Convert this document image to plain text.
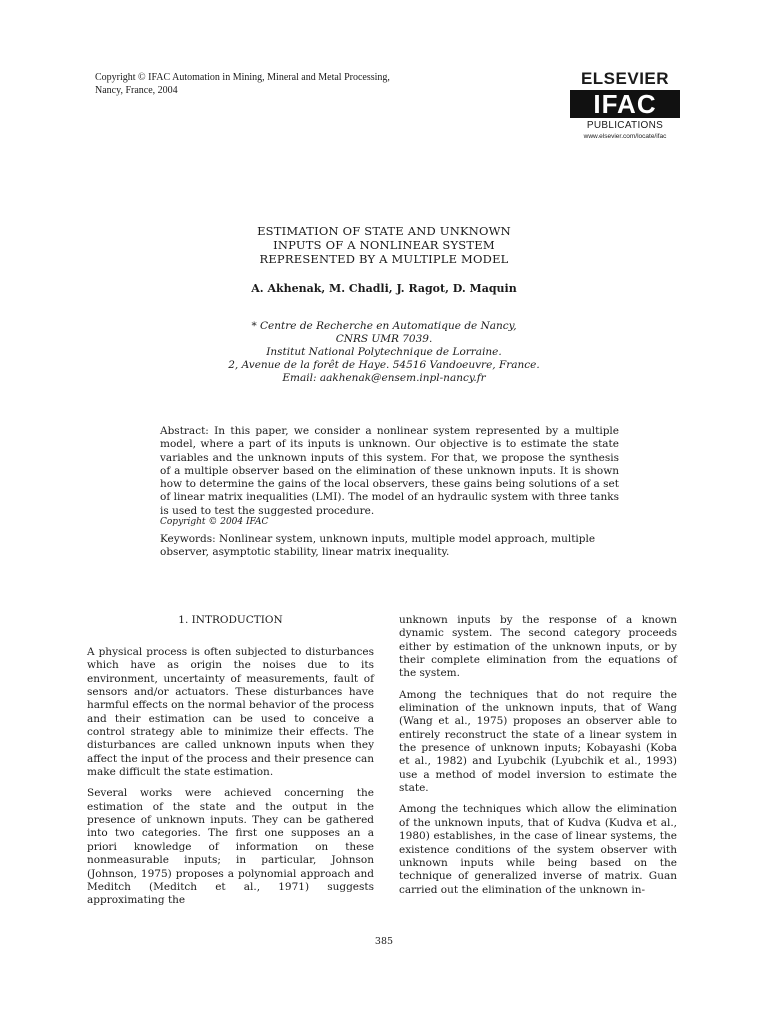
Copyright © IFAC Automation in Mining, Mineral and Metal Processing,
Nancy, France, 2004
ELSEVIER
IFAC
PUBLICATIONS
www.elsevier.com/locate/ifac
ESTIMATION OF STATE AND UNKNOWN
INPUTS OF A NONLINEAR SYSTEM
REPRESENTED BY A MULTIPLE MODEL
A. Akhenak, M. Chadli, J. Ragot, D. Maquin
* Centre de Recherche en Automatique de Nancy,
CNRS UMR 7039.
Institut National Polytechnique de Lorraine.
2, Avenue de la forêt de Haye. 54516 Vandoeuvre, France.
Email: aakhenak@ensem.inpl-nancy.fr
Abstract: In this paper, we consider a nonlinear system represented by a multiple model, where a part of its inputs is unknown. Our objective is to estimate the state variables and the unknown inputs of this system. For that, we propose the synthesis of a multiple observer based on the elimination of these unknown inputs. It is shown how to determine the gains of the local observers, these gains being solutions of a set of linear matrix inequalities (LMI). The model of an hydraulic system with three tanks is used to test the suggested procedure.
Copyright © 2004 IFAC
Keywords: Nonlinear system, unknown inputs, multiple model approach, multiple observer, asymptotic stability, linear matrix inequality.
1. INTRODUCTION

A physical process is often subjected to disturbances which have as origin the noises due to its environment, uncertainty of measurements, fault of sensors and/or actuators. These disturbances have harmful effects on the normal behavior of the process and their estimation can be used to conceive a control strategy able to minimize their effects. The disturbances are called unknown inputs when they affect the input of the process and their presence can make difficult the state estimation.

Several works were achieved concerning the estimation of the state and the output in the presence of unknown inputs. They can be gathered into two categories. The first one supposes an a priori knowledge of information on these nonmeasurable inputs; in particular, Johnson (Johnson, 1975) proposes a polynomial approach and Meditch (Meditch et al., 1971) suggests approximating the

unknown inputs by the response of a known dynamic system. The second category proceeds either by estimation of the unknown inputs, or by their complete elimination from the equations of the system.

Among the techniques that do not require the elimination of the unknown inputs, that of Wang (Wang et al., 1975) proposes an observer able to entirely reconstruct the state of a linear system in the presence of unknown inputs; Kobayashi (Koba et al., 1982) and Lyubchik (Lyubchik et al., 1993) use a method of model inversion to estimate the state.

Among the techniques which allow the elimination of the unknown inputs, that of Kudva (Kudva et al., 1980) establishes, in the case of linear systems, the existence conditions of the system observer with unknown inputs while being based on the technique of generalized inverse of matrix. Guan carried out the elimination of the unknown in-

385
